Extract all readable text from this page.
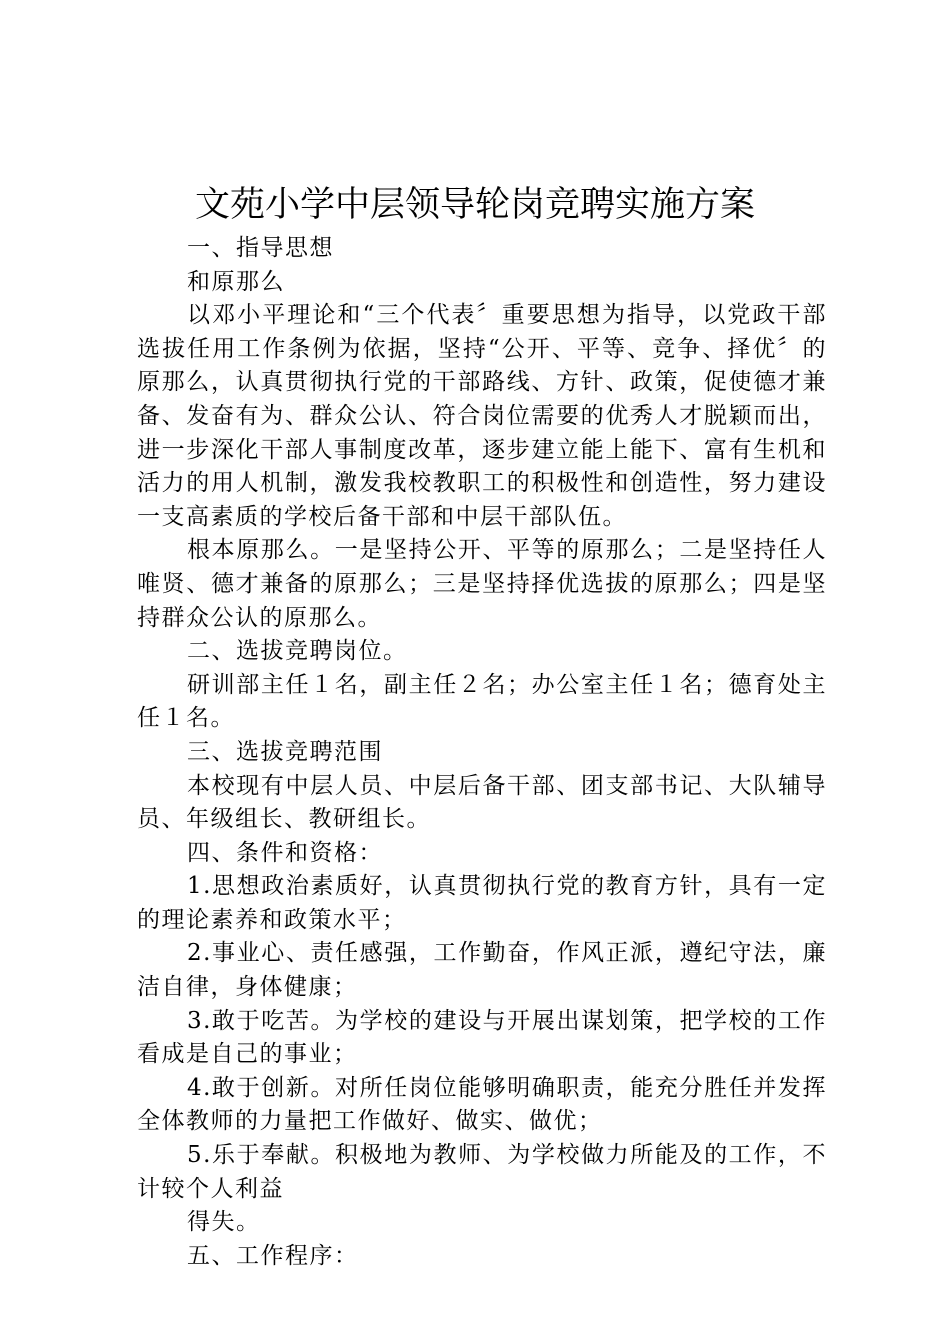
文苑小学中层领导轮岗竞聘实施方案

一、指导思想

和原那么

以邓小平理论和“三个代表〞重要思想为指导，以党政干部选拔任用工作条例为依据，坚持“公开、平等、竞争、择优〞的原那么，认真贯彻执行党的干部路线、方针、政策，促使德才兼备、发奋有为、群众公认、符合岗位需要的优秀人才脱颖而出，进一步深化干部人事制度改革，逐步建立能上能下、富有生机和活力的用人机制，激发我校教职工的积极性和创造性，努力建设一支高素质的学校后备干部和中层干部队伍。

根本原那么。一是坚持公开、平等的原那么；二是坚持任人唯贤、德才兼备的原那么；三是坚持择优选拔的原那么；四是坚持群众公认的原那么。

二、选拔竞聘岗位。

研训部主任１名，副主任２名；办公室主任１名；德育处主任１名。

三、选拔竞聘范围

本校现有中层人员、中层后备干部、团支部书记、大队辅导员、年级组长、教研组长。

四、条件和资格：

1.思想政治素质好，认真贯彻执行党的教育方针，具有一定的理论素养和政策水平；

2.事业心、责任感强，工作勤奋，作风正派，遵纪守法，廉洁自律，身体健康；

3.敢于吃苦。为学校的建设与开展出谋划策，把学校的工作看成是自己的事业；

4.敢于创新。对所任岗位能够明确职责，能充分胜任并发挥全体教师的力量把工作做好、做实、做优；

5.乐于奉献。积极地为教师、为学校做力所能及的工作，不计较个人利益

得失。

五、工作程序：
